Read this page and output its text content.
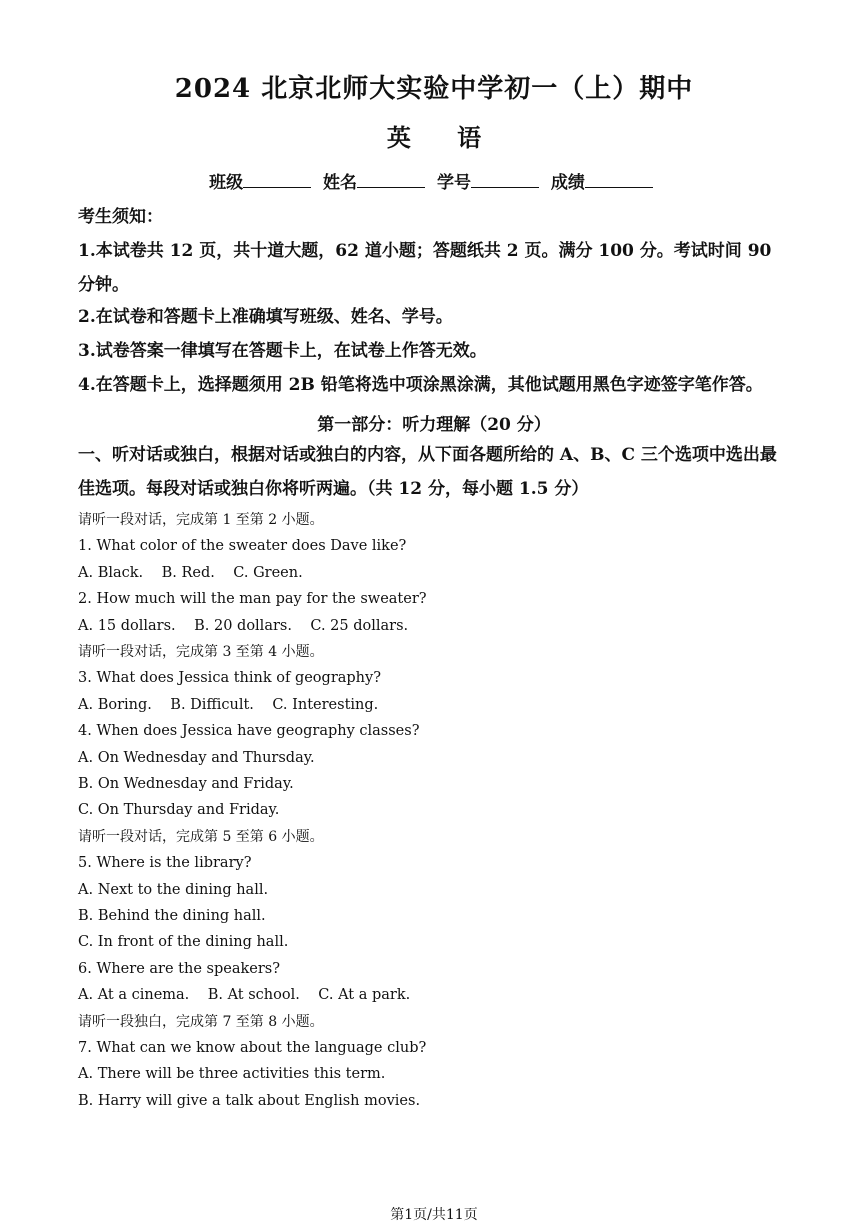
2024 北京北师大实验中学初一（上）期中
英 语
班级	姓名	学号	成绩
考生须知：
1.本试卷共 12 页，共十道大题，62 道小题；答题纸共 2 页。满分 100 分。考试时间 90 分钟。
2.在试卷和答题卡上准确填写班级、姓名、学号。
3.试卷答案一律填写在答题卡上，在试卷上作答无效。
4.在答题卡上，选择题须用 2B 铅笔将选中项涂黑涂满，其他试题用黑色字迹签字笔作答。
第一部分：听力理解（20 分）
一、听对话或独白，根据对话或独白的内容，从下面各题所给的 A、B、C 三个选项中选出最佳选项。每段对话或独白你将听两遍。（共 12 分，每小题 1.5 分）
请听一段对话，完成第 1 至第 2 小题。
1. What color of the sweater does Dave like?
A. Black.    B. Red.    C. Green.
2. How much will the man pay for the sweater?
A. 15 dollars.    B. 20 dollars.    C. 25 dollars.
请听一段对话，完成第 3 至第 4 小题。
3. What does Jessica think of geography?
A. Boring.    B. Difficult.    C. Interesting.
4. When does Jessica have geography classes?
A. On Wednesday and Thursday.
B. On Wednesday and Friday.
C. On Thursday and Friday.
请听一段对话，完成第 5 至第 6 小题。
5. Where is the library?
A. Next to the dining hall.
B. Behind the dining hall.
C. In front of the dining hall.
6. Where are the speakers?
A. At a cinema.    B. At school.    C. At a park.
请听一段独白，完成第 7 至第 8 小题。
7. What can we know about the language club?
A. There will be three activities this term.
B. Harry will give a talk about English movies.
第1页/共11页
